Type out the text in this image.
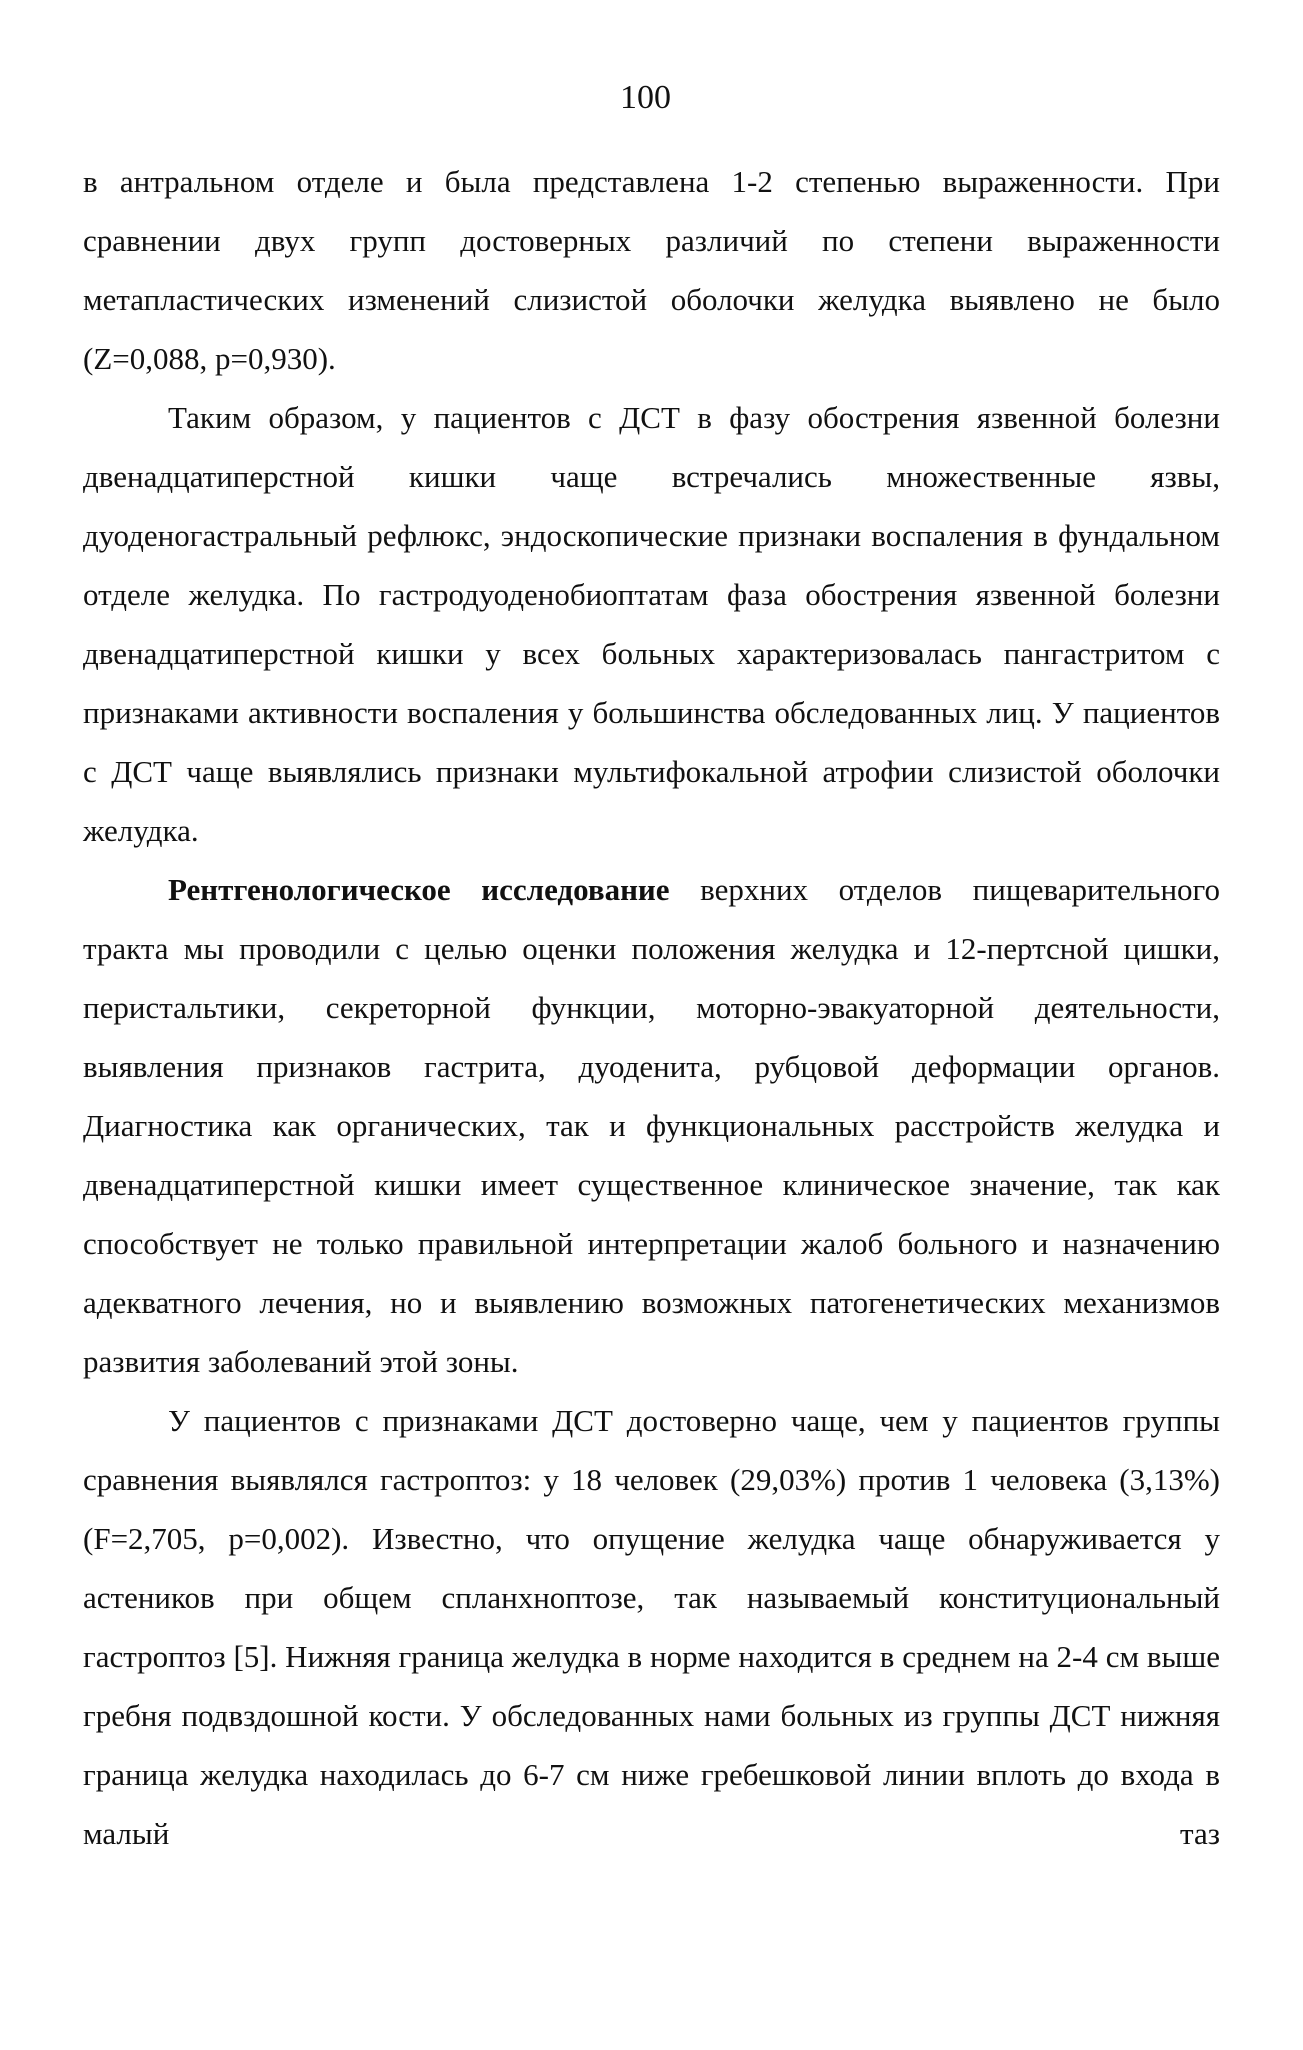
100

в антральном отделе и была представлена 1-2 степенью выраженности. При сравнении двух групп достоверных различий по степени выраженности метапластических изменений слизистой оболочки желудка выявлено не было (Z=0,088, p=0,930).

Таким образом, у пациентов с ДСТ в фазу обострения язвенной болезни двенадцатиперстной кишки чаще встречались множественные язвы, дуоденогастральный рефлюкс, эндоскопические признаки воспаления в фундальном отделе желудка. По гастродуоденобиоптатам фаза обострения язвенной болезни двенадцатиперстной кишки у всех больных характеризовалась пангастритом с признаками активности воспаления у большинства обследованных лиц. У пациентов с ДСТ чаще выявлялись признаки мультифокальной атрофии слизистой оболочки желудка.

Рентгенологическое исследование верхних отделов пищеварительного тракта мы проводили с целью оценки положения желудка и 12-пертсной цишки, перистальтики, секреторной функции, моторно-эвакуаторной деятельности, выявления признаков гастрита, дуоденита, рубцовой деформации органов. Диагностика как органических, так и функциональных расстройств желудка и двенадцатиперстной кишки имеет существенное клиническое значение, так как способствует не только правильной интерпретации жалоб больного и назначению адекватного лечения, но и выявлению возможных патогенетических механизмов развития заболеваний этой зоны.

У пациентов с признаками ДСТ достоверно чаще, чем у пациентов группы сравнения выявлялся гастроптоз: у 18 человек (29,03%) против 1 человека (3,13%) (F=2,705, p=0,002). Известно, что опущение желудка чаще обнаруживается у астеников при общем спланхноптозе, так называемый конституциональный гастроптоз [5]. Нижняя граница желудка в норме находится в среднем на 2-4 см выше гребня подвздошной кости. У обследованных нами больных из группы ДСТ нижняя граница желудка находилась до 6-7 см ниже гребешковой линии вплоть до входа в малый таз
